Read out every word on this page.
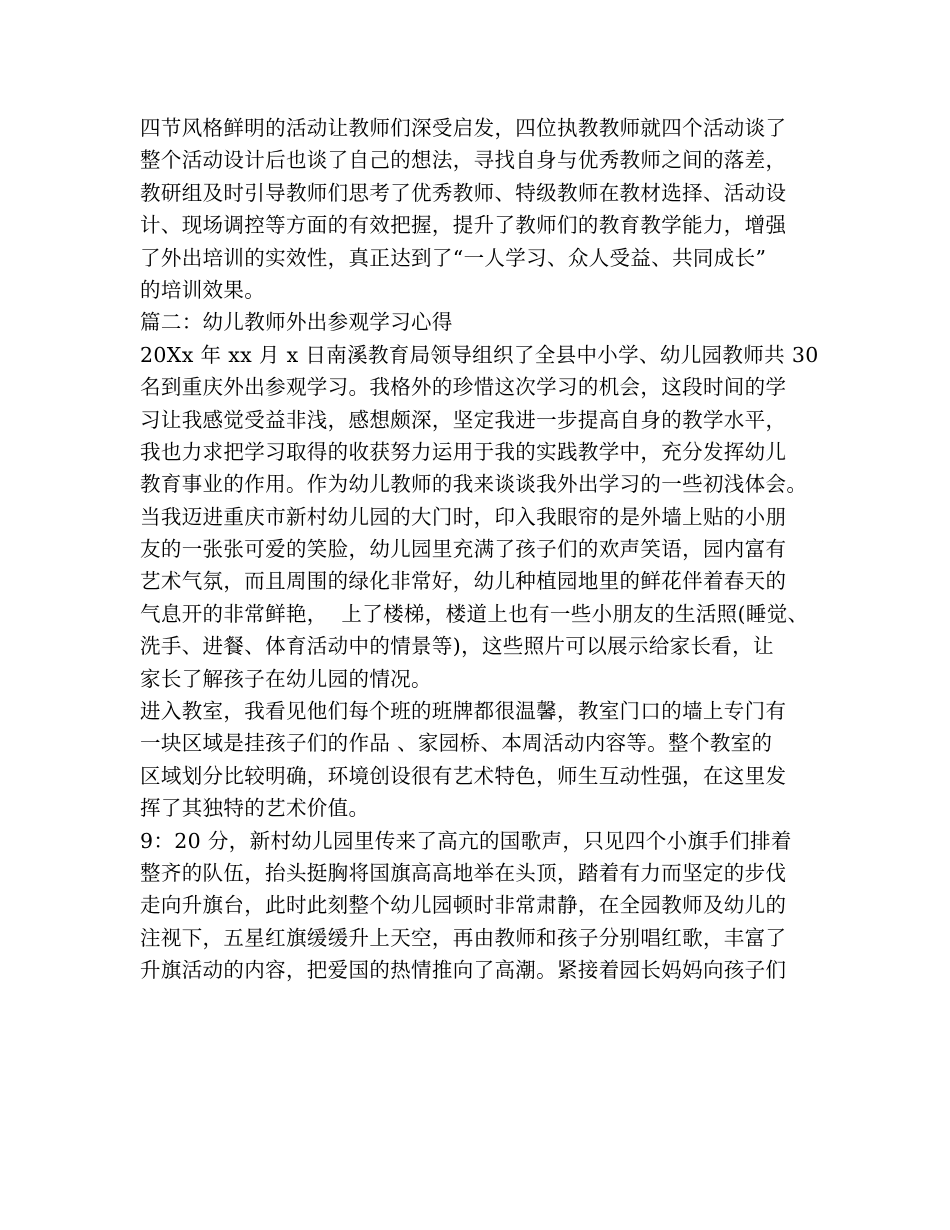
四节风格鲜明的活动让教师们深受启发，四位执教教师就四个活动谈了
整个活动设计后也谈了自己的想法，寻找自身与优秀教师之间的落差，
教研组及时引导教师们思考了优秀教师、特级教师在教材选择、活动设
计、现场调控等方面的有效把握，提升了教师们的教育教学能力，增强
了外出培训的实效性，真正达到了“一人学习、众人受益、共同成长”
的培训效果。
篇二：幼儿教师外出参观学习心得
20Xx 年 xx 月 x 日南溪教育局领导组织了全县中小学、幼儿园教师共 30
名到重庆外出参观学习。我格外的珍惜这次学习的机会，这段时间的学
习让我感觉受益非浅，感想颇深，坚定我进一步提高自身的教学水平，
我也力求把学习取得的收获努力运用于我的实践教学中，充分发挥幼儿
教育事业的作用。作为幼儿教师的我来谈谈我外出学习的一些初浅体会。
当我迈进重庆市新村幼儿园的大门时，印入我眼帘的是外墙上贴的小朋
友的一张张可爱的笑脸，幼儿园里充满了孩子们的欢声笑语，园内富有
艺术气氛，而且周围的绿化非常好，幼儿种植园地里的鲜花伴着春天的
气息开的非常鲜艳，  上了楼梯，楼道上也有一些小朋友的生活照(睡觉、
洗手、进餐、体育活动中的情景等)，这些照片可以展示给家长看，让
家长了解孩子在幼儿园的情况。
进入教室，我看见他们每个班的班牌都很温馨，教室门口的墙上专门有
一块区域是挂孩子们的作品 、家园桥、本周活动内容等。整个教室的
区域划分比较明确，环境创设很有艺术特色，师生互动性强，在这里发
挥了其独特的艺术价值。
9：20 分，新村幼儿园里传来了高亢的国歌声，只见四个小旗手们排着
整齐的队伍，抬头挺胸将国旗高高地举在头顶，踏着有力而坚定的步伐
走向升旗台，此时此刻整个幼儿园顿时非常肃静，在全园教师及幼儿的
注视下，五星红旗缓缓升上天空，再由教师和孩子分别唱红歌，丰富了
升旗活动的内容，把爱国的热情推向了高潮。紧接着园长妈妈向孩子们
